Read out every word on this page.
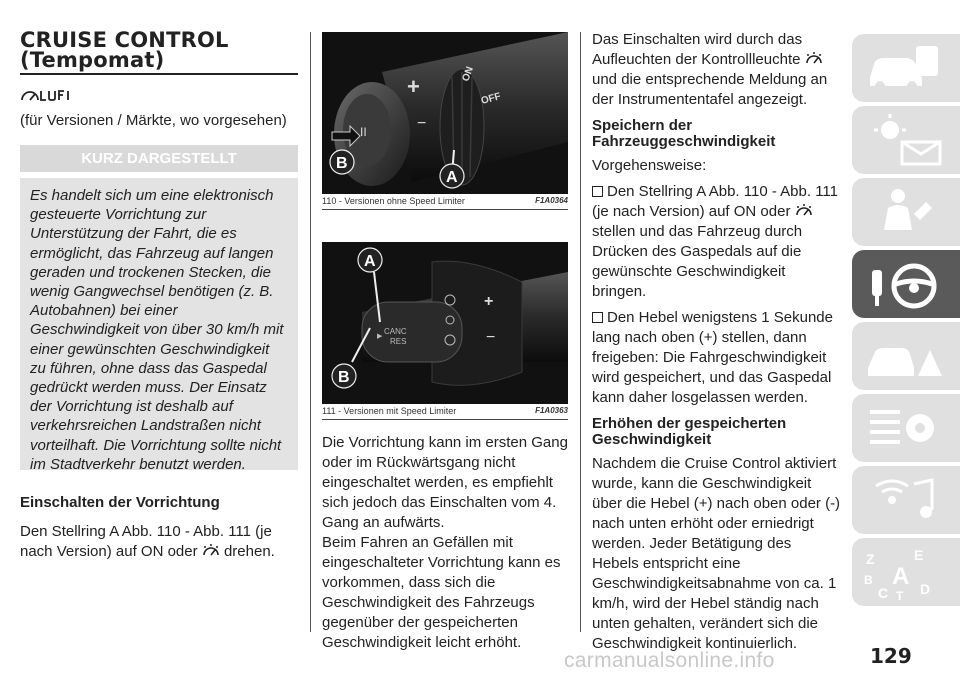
CRUISE CONTROL
(Tempomat)
(für Versionen / Märkte, wo vorgesehen)
KURZ DARGESTELLT
Es handelt sich um eine elektronisch gesteuerte Vorrichtung zur Unterstützung der Fahrt, die es ermöglicht, das Fahrzeug auf langen geraden und trockenen Stecken, die wenig Gangwechsel benötigen (z. B. Autobahnen) bei einer Geschwindigkeit von über 30 km/h mit einer gewünschten Geschwindigkeit zu führen, ohne dass das Gaspedal gedrückt werden muss. Der Einsatz der Vorrichtung ist deshalb auf verkehrsreichen Landstraßen nicht vorteilhaft. Die Vorrichtung sollte nicht im Stadtverkehr benutzt werden.
Einschalten der Vorrichtung
Den Stellring A Abb. 110 - Abb. 111 (je nach Version) auf ON oder drehen.
II
+
−
ON
OFF
B
A
110 - Versionen ohne Speed Limiter	F1A0364
CANC
RES
▶
+
−
A
B
111 - Versionen mit Speed Limiter	F1A0363
Die Vorrichtung kann im ersten Gang oder im Rückwärtsgang nicht eingeschaltet werden, es empfiehlt sich jedoch das Einschalten vom 4. Gang an aufwärts.
Beim Fahren an Gefällen mit eingeschalteter Vorrichtung kann es vorkommen, dass sich die Geschwindigkeit des Fahrzeugs gegenüber der gespeicherten Geschwindigkeit leicht erhöht.
Das Einschalten wird durch das Aufleuchten der Kontrollleuchte  und die entsprechende Meldung an der Instrumententafel angezeigt.
Speichern der Fahrzeuggeschwindigkeit
Vorgehensweise:
Den Stellring A Abb. 110 - Abb. 111 (je nach Version) auf ON oder  stellen und das Fahrzeug durch Drücken des Gaspedals auf die gewünschte Geschwindigkeit bringen.
Den Hebel wenigstens 1 Sekunde lang nach oben (+) stellen, dann freigeben: Die Fahrgeschwindigkeit wird gespeichert, und das Gaspedal kann daher losgelassen werden.
Erhöhen der gespeicherten Geschwindigkeit
Nachdem die Cruise Control aktiviert wurde, kann die Geschwindigkeit über die Hebel (+) nach oben oder (-) nach unten erhöht oder erniedrigt werden. Jeder Betätigung des Hebels entspricht eine Geschwindigkeitsabnahme von ca. 1 km/h, wird der Hebel ständig nach unten gehalten, verändert sich die Geschwindigkeit kontinuierlich.
Z	E
B A
C T D
129
carmanualsonline.info
